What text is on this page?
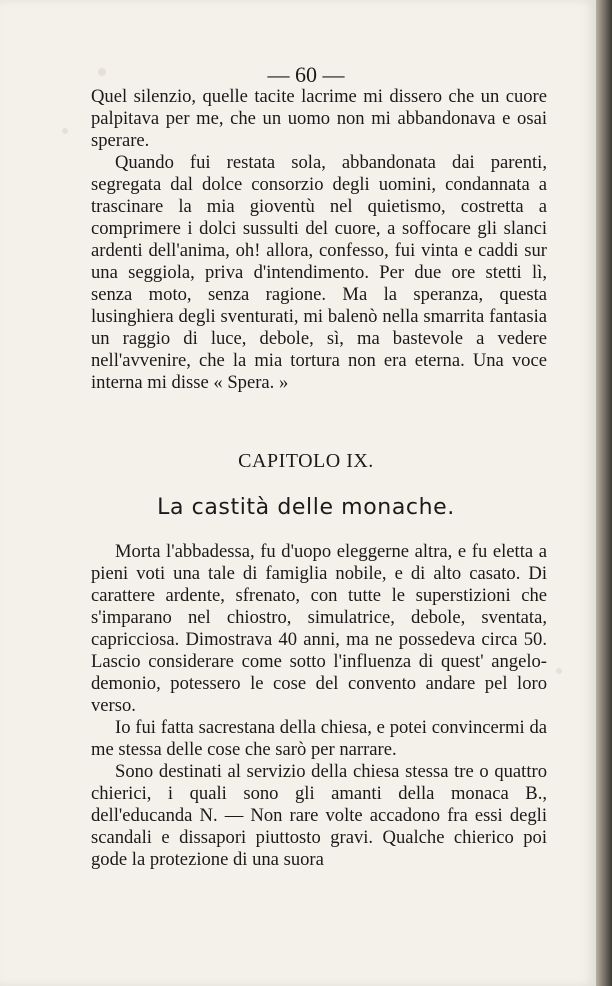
— 60 —

Quel silenzio, quelle tacite lacrime mi dissero che un cuore palpitava per me, che un uomo non mi abbandonava e osai sperare.

Quando fui restata sola, abbandonata dai parenti, segregata dal dolce consorzio degli uomini, condannata a trascinare la mia gioventù nel quietismo, costretta a comprimere i dolci sussulti del cuore, a soffocare gli slanci ardenti dell'anima, oh! allora, confesso, fui vinta e caddi sur una seggiola, priva d'intendimento. Per due ore stetti lì, senza moto, senza ragione. Ma la speranza, questa lusinghiera degli sventurati, mi balenò nella smarrita fantasia un raggio di luce, debole, sì, ma bastevole a vedere nell'avvenire, che la mia tortura non era eterna. Una voce interna mi disse « Spera. »

CAPITOLO IX.
La castità delle monache.

Morta l'abbadessa, fu d'uopo eleggerne altra, e fu eletta a pieni voti una tale di famiglia nobile, e di alto casato. Di carattere ardente, sfrenato, con tutte le superstizioni che s'imparano nel chiostro, simulatrice, debole, sventata, capricciosa. Dimostrava 40 anni, ma ne possedeva circa 50. Lascio considerare come sotto l'influenza di quest' angelo-demonio, potessero le cose del convento andare pel loro verso.

Io fui fatta sacrestana della chiesa, e potei convincermi da me stessa delle cose che sarò per narrare.

Sono destinati al servizio della chiesa stessa tre o quattro chierici, i quali sono gli amanti della monaca B., dell'educanda N. — Non rare volte accadono fra essi degli scandali e dissapori piuttosto gravi. Qualche chierico poi gode la protezione di una suora
